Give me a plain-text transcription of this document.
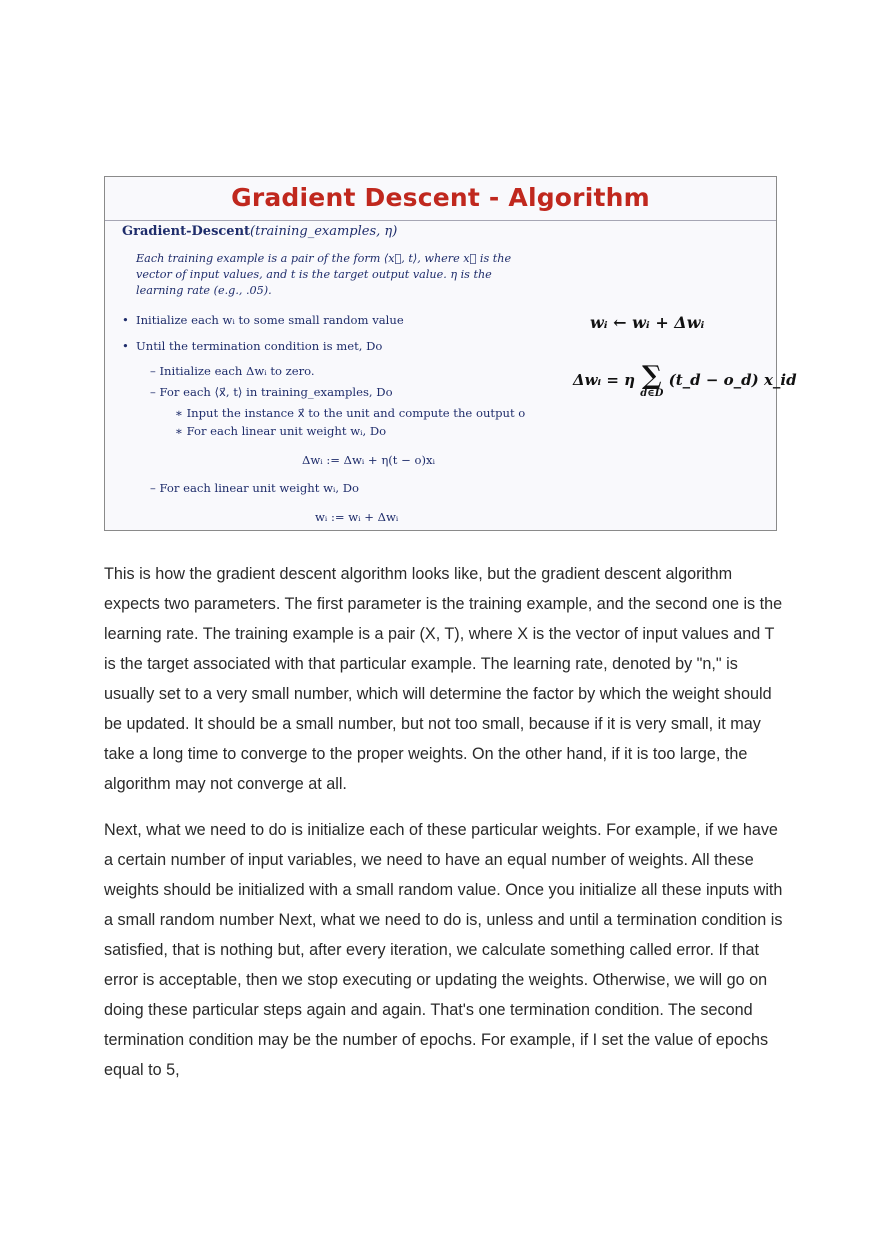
Gradient Descent - Algorithm
Gradient-Descent(training_examples, η)
Each training example is a pair of the form ⟨x⃗, t⟩, where x⃗ is the vector of input values, and t is the target output value. η is the learning rate (e.g., .05).
• Initialize each wᵢ to some small random value
• Until the termination condition is met, Do
– Initialize each Δwᵢ to zero.
– For each ⟨x⃗, t⟩ in training_examples, Do
∗ Input the instance x⃗ to the unit and compute the output o
∗ For each linear unit weight wᵢ, Do
Δwᵢ := Δwᵢ + η(t − o)xᵢ
– For each linear unit weight wᵢ, Do
wᵢ := wᵢ + Δwᵢ
wᵢ ← wᵢ + Δwᵢ
Δwᵢ = η ∑
d∈D
(t_d − o_d) x_id

This is how the gradient descent algorithm looks like, but the gradient descent algorithm expects two parameters. The first parameter is the training example, and the second one is the learning rate. The training example is a pair (X, T), where X is the vector of input values and T is the target associated with that particular example. The learning rate, denoted by "n," is usually set to a very small number, which will determine the factor by which the weight should be updated. It should be a small number, but not too small, because if it is very small, it may take a long time to converge to the proper weights. On the other hand, if it is too large, the algorithm may not converge at all.

Next, what we need to do is initialize each of these particular weights. For example, if we have a certain number of input variables, we need to have an equal number of weights. All these weights should be initialized with a small random value. Once you initialize all these inputs with a small random number Next, what we need to do is, unless and until a termination condition is satisfied, that is nothing but, after every iteration, we calculate something called error. If that error is acceptable, then we stop executing or updating the weights. Otherwise, we will go on doing these particular steps again and again. That's one termination condition. The second termination condition may be the number of epochs. For example, if I set the value of epochs equal to 5,
